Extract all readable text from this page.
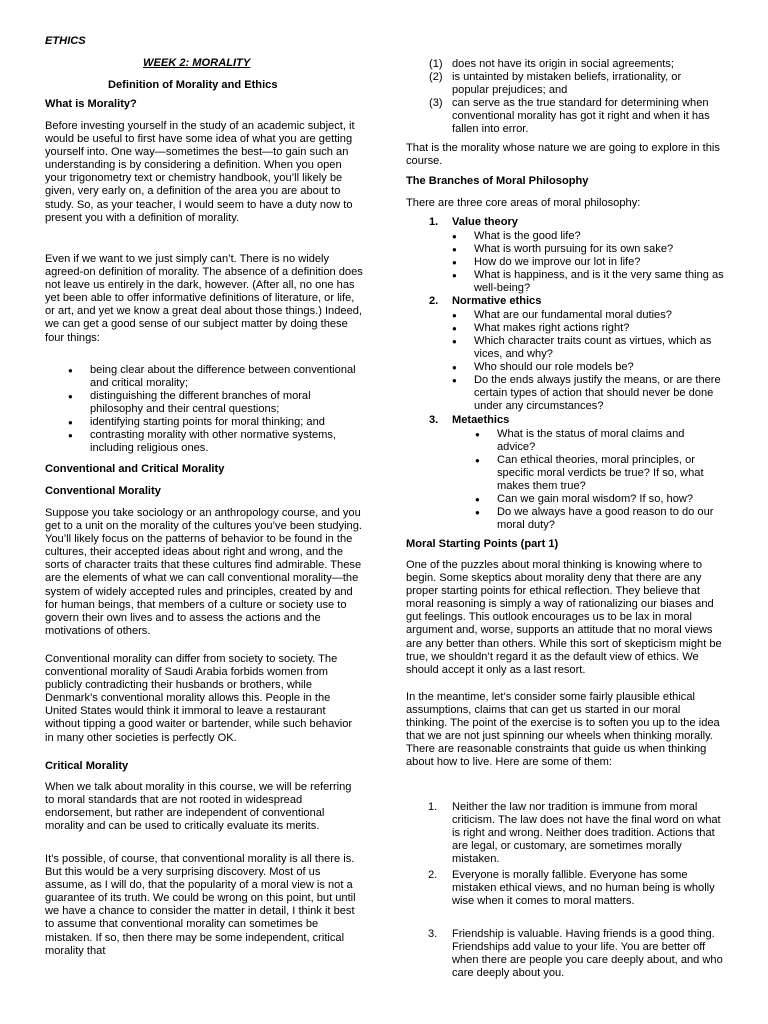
ETHICS
WEEK 2: MORALITY
Definition of Morality and Ethics
What is Morality?

Before investing yourself in the study of an academic subject, it would be useful to first have some idea of what you are getting yourself into. One way—sometimes the best—to gain such an understanding is by considering a definition. When you open your trigonometry text or chemistry handbook, you’ll likely be given, very early on, a definition of the area you are about to study. So, as your teacher, I would seem to have a duty now to present you with a definition of morality.

Even if we want to we just simply can’t. There is no widely agreed-on definition of morality. The absence of a definition does not leave us entirely in the dark, however. (After all, no one has yet been able to offer informative definitions of literature, or life, or art, and yet we know a great deal about those things.) Indeed, we can get a good sense of our subject matter by doing these four things:

● being clear about the difference between conventional and critical morality;
● distinguishing the different branches of moral philosophy and their central questions;
● identifying starting points for moral thinking; and
● contrasting morality with other normative systems, including religious ones.
Conventional and Critical Morality
Conventional Morality

Suppose you take sociology or an anthropology course, and you get to a unit on the morality of the cultures you’ve been studying. You’ll likely focus on the patterns of behavior to be found in the cultures, their accepted ideas about right and wrong, and the sorts of character traits that these cultures find admirable. These are the elements of what we can call conventional morality—the system of widely accepted rules and principles, created by and for human beings, that members of a culture or society use to govern their own lives and to assess the actions and the motivations of others.

Conventional morality can differ from society to society. The conventional morality of Saudi Arabia forbids women from publicly contradicting their husbands or brothers, while Denmark’s conventional morality allows this. People in the United States would think it immoral to leave a restaurant without tipping a good waiter or bartender, while such behavior in many other societies is perfectly OK.

Critical Morality

When we talk about morality in this course, we will be referring to moral standards that are not rooted in widespread endorsement, but rather are independent of conventional morality and can be used to critically evaluate its merits.

It’s possible, of course, that conventional morality is all there is. But this would be a very surprising discovery. Most of us assume, as I will do, that the popularity of a moral view is not a guarantee of its truth. We could be wrong on this point, but until we have a chance to consider the matter in detail, I think it best to assume that conventional morality can sometimes be mistaken. If so, then there may be some independent, critical morality that

(1) does not have its origin in social agreements;
(2) is untainted by mistaken beliefs, irrationality, or popular prejudices; and
(3) can serve as the true standard for determining when conventional morality has got it right and when it has fallen into error.

That is the morality whose nature we are going to explore in this course.

The Branches of Moral Philosophy

There are three core areas of moral philosophy:

1. Value theory
● What is the good life?
● What is worth pursuing for its own sake?
● How do we improve our lot in life?
● What is happiness, and is it the very same thing as well-being?
2. Normative ethics
● What are our fundamental moral duties?
● What makes right actions right?
● Which character traits count as virtues, which as vices, and why?
● Who should our role models be?
● Do the ends always justify the means, or are there certain types of action that should never be done under any circumstances?
3. Metaethics
● What is the status of moral claims and advice?
● Can ethical theories, moral principles, or specific moral verdicts be true? If so, what makes them true?
● Can we gain moral wisdom? If so, how?
● Do we always have a good reason to do our moral duty?
Moral Starting Points (part 1)

One of the puzzles about moral thinking is knowing where to begin. Some skeptics about morality deny that there are any proper starting points for ethical reflection. They believe that moral reasoning is simply a way of rationalizing our biases and gut feelings. This outlook encourages us to be lax in moral argument and, worse, supports an attitude that no moral views are any better than others. While this sort of skepticism might be true, we shouldn’t regard it as the default view of ethics. We should accept it only as a last resort.

In the meantime, let’s consider some fairly plausible ethical assumptions, claims that can get us started in our moral thinking. The point of the exercise is to soften you up to the idea that we are not just spinning our wheels when thinking morally. There are reasonable constraints that guide us when thinking about how to live. Here are some of them:

1. Neither the law nor tradition is immune from moral criticism. The law does not have the final word on what is right and wrong. Neither does tradition. Actions that are legal, or customary, are sometimes morally mistaken.
2. Everyone is morally fallible. Everyone has some mistaken ethical views, and no human being is wholly wise when it comes to moral matters.
3. Friendship is valuable. Having friends is a good thing. Friendships add value to your life. You are better off when there are people you care deeply about, and who care deeply about you.
